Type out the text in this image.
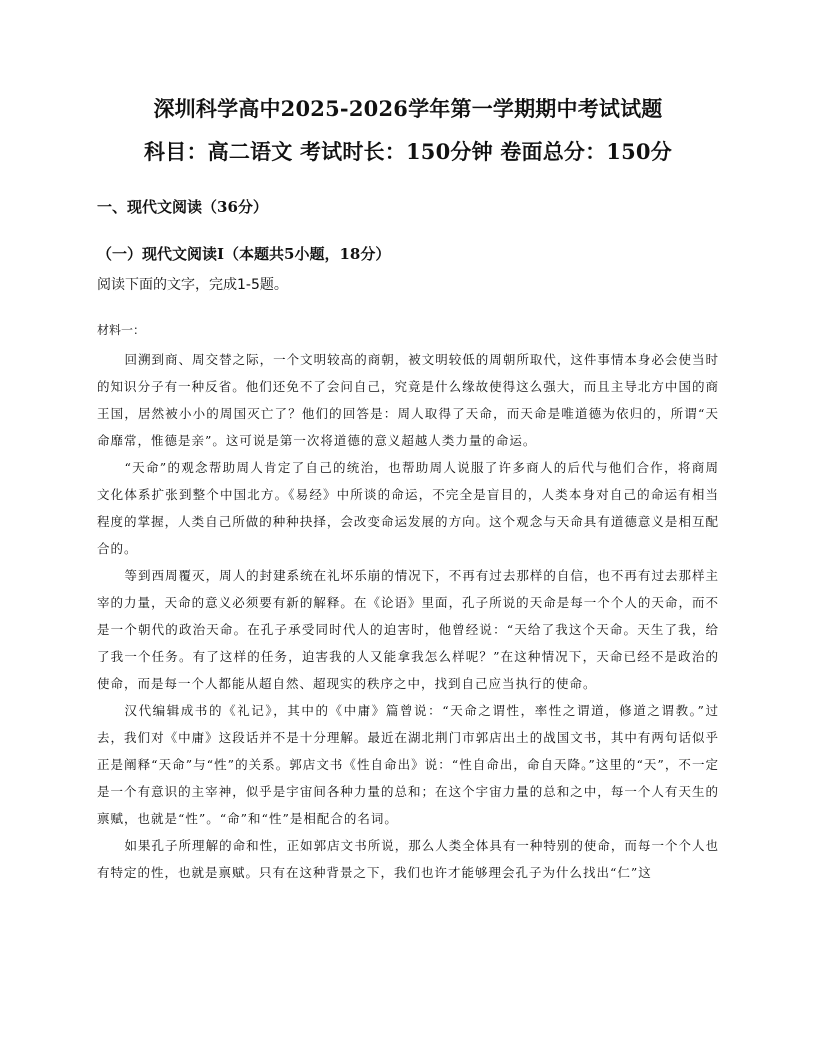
深圳科学高中2025-2026学年第一学期期中考试试题
科目：高二语文 考试时长：150分钟 卷面总分：150分
一、现代文阅读（36分）
（一）现代文阅读Ⅰ（本题共5小题，18分）
阅读下面的文字，完成1-5题。
材料一：

回溯到商、周交替之际，一个文明较高的商朝，被文明较低的周朝所取代，这件事情本身必会使当时的知识分子有一种反省。他们还免不了会问自己，究竟是什么缘故使得这么强大，而且主导北方中国的商王国，居然被小小的周国灭亡了？他们的回答是：周人取得了天命，而天命是唯道德为依归的，所谓“天命靡常，惟德是亲”。这可说是第一次将道德的意义超越人类力量的命运。

“天命”的观念帮助周人肯定了自己的统治，也帮助周人说服了许多商人的后代与他们合作，将商周文化体系扩张到整个中国北方。《易经》中所谈的命运，不完全是盲目的，人类本身对自己的命运有相当程度的掌握，人类自己所做的种种抉择，会改变命运发展的方向。这个观念与天命具有道德意义是相互配合的。

等到西周覆灭，周人的封建系统在礼坏乐崩的情况下，不再有过去那样的自信，也不再有过去那样主宰的力量，天命的意义必须要有新的解释。在《论语》里面，孔子所说的天命是每一个个人的天命，而不是一个朝代的政治天命。在孔子承受同时代人的迫害时，他曾经说：“天给了我这个天命。天生了我，给了我一个任务。有了这样的任务，迫害我的人又能拿我怎么样呢？”在这种情况下，天命已经不是政治的使命，而是每一个人都能从超自然、超现实的秩序之中，找到自己应当执行的使命。

汉代编辑成书的《礼记》，其中的《中庸》篇曾说：“天命之谓性，率性之谓道，修道之谓教。”过去，我们对《中庸》这段话并不是十分理解。最近在湖北荆门市郭店出土的战国文书，其中有两句话似乎正是阐释“天命”与“性”的关系。郭店文书《性自命出》说：“性自命出，命自天降。”这里的“天”，不一定是一个有意识的主宰神，似乎是宇宙间各种力量的总和；在这个宇宙力量的总和之中，每一个人有天生的禀赋，也就是“性”。“命”和“性”是相配合的名词。

如果孔子所理解的命和性，正如郭店文书所说，那么人类全体具有一种特别的使命，而每一个个人也有特定的性，也就是禀赋。只有在这种背景之下，我们也许才能够理会孔子为什么找出“仁”这
